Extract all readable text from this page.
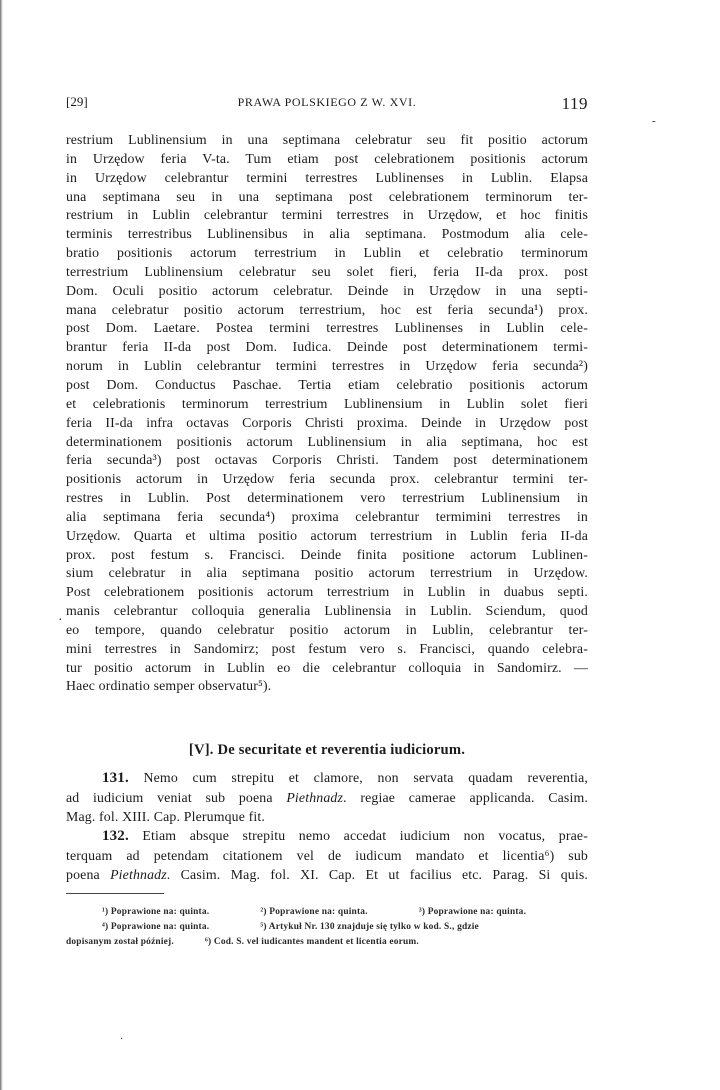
[29]	PRAWA POLSKIEGO Z W. XVI.	119
-
·
restrium Lublinensium in una septimana celebratur seu fit positio actorum
in Urzędow feria V-ta. Tum etiam post celebrationem positionis actorum
in Urzędow celebrantur termini terrestres Lublinenses in Lublin. Elapsa
una septimana seu in una septimana post celebrationem terminorum ter-
restrium in Lublin celebrantur termini terrestres in Urzędow, et hoc finitis
terminis terrestribus Lublinensibus in alia septimana. Postmodum alia cele-
bratio positionis actorum terrestrium in Lublin et celebratio terminorum
terrestrium Lublinensium celebratur seu solet fieri, feria II-da prox. post
Dom. Oculi positio actorum celebratur. Deinde in Urzędow in una septi-
mana celebratur positio actorum terrestrium, hoc est feria secunda¹) prox.
post Dom. Laetare. Postea termini terrestres Lublinenses in Lublin cele-
brantur feria II-da post Dom. Iudica. Deinde post determinationem termi-
norum in Lublin celebrantur termini terrestres in Urzędow feria secunda²)
post Dom. Conductus Paschae. Tertia etiam celebratio positionis actorum
et celebrationis terminorum terrestrium Lublinensium in Lublin solet fieri
feria II-da infra octavas Corporis Christi proxima. Deinde in Urzędow post
determinationem positionis actorum Lublinensium in alia septimana, hoc est
feria secunda³) post octavas Corporis Christi. Tandem post determinationem
positionis actorum in Urzędow feria secunda prox. celebrantur termini ter-
restres in Lublin. Post determinationem vero terrestrium Lublinensium in
alia septimana feria secunda⁴) proxima celebrantur termimini terrestres in
Urzędow. Quarta et ultima positio actorum terrestrium in Lublin feria II-da
prox. post festum s. Francisci. Deinde finita positione actorum Lublinen-
sium celebratur in alia septimana positio actorum terrestrium in Urzędow.
Post celebrationem positionis actorum terrestrium in Lublin in duabus septi.
manis celebrantur colloquia generalia Lublinensia in Lublin. Sciendum, quod
eo tempore, quando celebratur positio actorum in Lublin, celebrantur ter-
mini terrestres in Sandomirz; post festum vero s. Francisci, quando celebra-
tur positio actorum in Lublin eo die celebrantur colloquia in Sandomirz. —
Haec ordinatio semper observatur⁵).
[V]. De securitate et reverentia iudiciorum.
131. Nemo cum strepitu et clamore, non servata quadam reverentia,
ad iudicium veniat sub poena Piethnadz. regiae camerae applicanda. Casim.
Mag. fol. XIII. Cap. Plerumque fit.
132. Etiam absque strepitu nemo accedat iudicium non vocatus, prae-
terquam ad petendam citationem vel de iudicum mandato et licentia⁶) sub
poena Piethnadz. Casim. Mag. fol. XI. Cap. Et ut facilius etc. Parag. Si quis.
¹) Poprawione na: quinta.	²) Poprawione na: quinta.	³) Poprawione na: quinta.
⁴) Poprawione na: quinta.	⁵) Artykuł Nr. 130 znajduje się tylko w kod. S., gdzie
dopisanym został później.	⁶) Cod. S. vel iudicantes mandent et licentia eorum.
·
